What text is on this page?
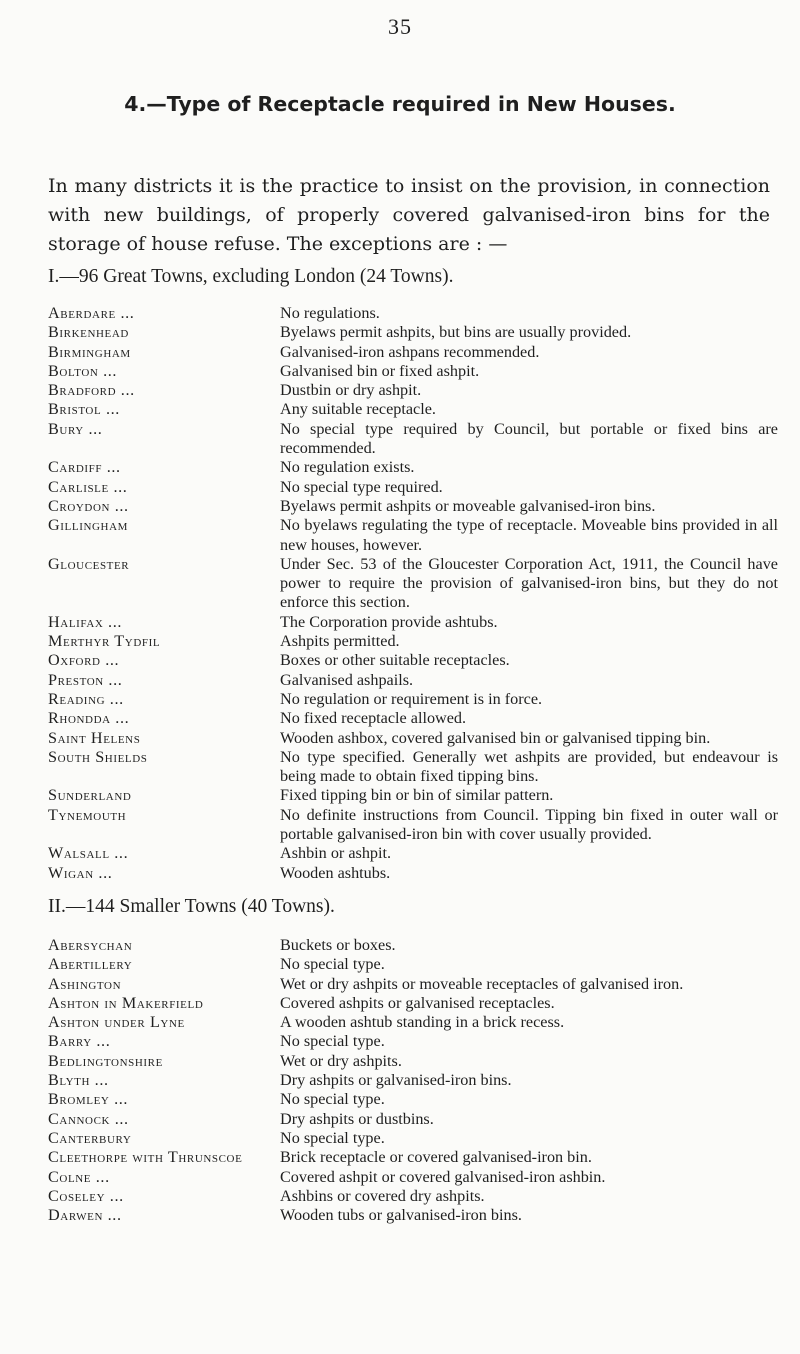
35
4.—Type of Receptacle required in New Houses.
In many districts it is the practice to insist on the provision, in connection with new buildings, of properly covered galvanised-iron bins for the storage of house refuse. The exceptions are : —
I.—96 Great Towns, excluding London (24 Towns).
Aberdare ...	No regulations.
Birkenhead	Byelaws permit ashpits, but bins are usually provided.
Birmingham	Galvanised-iron ashpans recommended.
Bolton ...	Galvanised bin or fixed ashpit.
Bradford ...	Dustbin or dry ashpit.
Bristol ...	Any suitable receptacle.
Bury ...	No special type required by Council, but portable or fixed bins are recommended.
Cardiff ...	No regulation exists.
Carlisle ...	No special type required.
Croydon ...	Byelaws permit ashpits or moveable galvanised-iron bins.
Gillingham	No byelaws regulating the type of receptacle. Moveable bins provided in all new houses, however.
Gloucester	Under Sec. 53 of the Gloucester Corporation Act, 1911, the Council have power to require the provision of galvanised-iron bins, but they do not enforce this section.
Halifax ...	The Corporation provide ashtubs.
Merthyr Tydfil	Ashpits permitted.
Oxford ...	Boxes or other suitable receptacles.
Preston ...	Galvanised ashpails.
Reading ...	No regulation or requirement is in force.
Rhondda ...	No fixed receptacle allowed.
Saint Helens	Wooden ashbox, covered galvanised bin or galvanised tipping bin.
South Shields	No type specified. Generally wet ashpits are provided, but endeavour is being made to obtain fixed tipping bins.
Sunderland	Fixed tipping bin or bin of similar pattern.
Tynemouth	No definite instructions from Council. Tipping bin fixed in outer wall or portable galvanised-iron bin with cover usually provided.
Walsall ...	Ashbin or ashpit.
Wigan ...	Wooden ashtubs.
II.—144 Smaller Towns (40 Towns).
Abersychan	Buckets or boxes.
Abertillery	No special type.
Ashington	Wet or dry ashpits or moveable receptacles of galvanised iron.
Ashton in Makerfield	Covered ashpits or galvanised receptacles.
Ashton under Lyne	A wooden ashtub standing in a brick recess.
Barry ...	No special type.
Bedlingtonshire	Wet or dry ashpits.
Blyth ...	Dry ashpits or galvanised-iron bins.
Bromley ...	No special type.
Cannock ...	Dry ashpits or dustbins.
Canterbury	No special type.
Cleethorpe with Thrunscoe	Brick receptacle or covered galvanised-iron bin.
Colne ...	Covered ashpit or covered galvanised-iron ashbin.
Coseley ...	Ashbins or covered dry ashpits.
Darwen ...	Wooden tubs or galvanised-iron bins.
